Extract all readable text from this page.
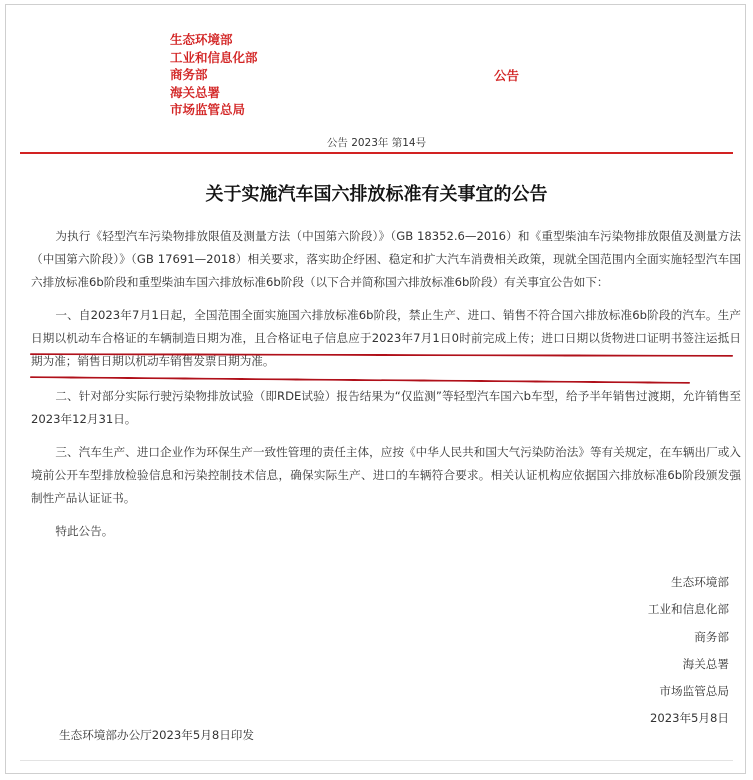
生态环境部
工业和信息化部
商务部
海关总署
市场监管总局
公告
公告 2023年 第14号
关于实施汽车国六排放标准有关事宜的公告

为执行《轻型汽车污染物排放限值及测量方法（中国第六阶段）》（GB 18352.6—2016）和《重型柴油车污染物排放限值及测量方法（中国第六阶段）》（GB 17691—2018）相关要求，落实助企纾困、稳定和扩大汽车消费相关政策，现就全国范围内全面实施轻型汽车国六排放标准6b阶段和重型柴油车国六排放标准6b阶段（以下合并简称国六排放标准6b阶段）有关事宜公告如下：

一、自2023年7月1日起，全国范围全面实施国六排放标准6b阶段，禁止生产、进口、销售不符合国六排放标准6b阶段的汽车。生产日期以机动车合格证的车辆制造日期为准，且合格证电子信息应于2023年7月1日0时前完成上传；进口日期以货物进口证明书签注运抵日期为准；销售日期以机动车销售发票日期为准。

二、针对部分实际行驶污染物排放试验（即RDE试验）报告结果为“仅监测”等轻型汽车国六b车型，给予半年销售过渡期，允许销售至2023年12月31日。

三、汽车生产、进口企业作为环保生产一致性管理的责任主体，应按《中华人民共和国大气污染防治法》等有关规定，在车辆出厂或入境前公开车型排放检验信息和污染控制技术信息，确保实际生产、进口的车辆符合要求。相关认证机构应依据国六排放标准6b阶段颁发强制性产品认证证书。

特此公告。

生态环境部
工业和信息化部
商务部
海关总署
市场监管总局
2023年5月8日
生态环境部办公厅2023年5月8日印发
